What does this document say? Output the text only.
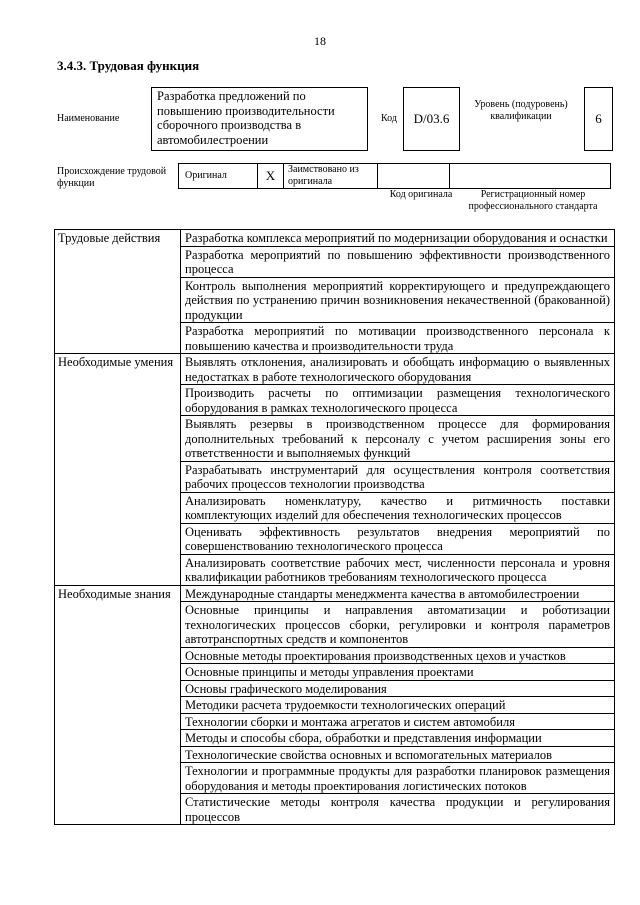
18
3.4.3. Трудовая функция
Наименование
Разработка предложений по повышению производительности сборочного производства в автомобилестроении
Код	D/03.6
Уровень (подуровень) квалификации	6
Происхождение трудовой функции
Оригинал	X	Заимствовано из оригинала
Код оригинала	Регистрационный номер профессионального стандарта
Трудовые действия	Разработка комплекса мероприятий по модернизации оборудования и оснастки
	Разработка мероприятий по повышению эффективности производственного процесса
	Контроль выполнения мероприятий корректирующего и предупреждающего действия по устранению причин возникновения некачественной (бракованной) продукции
	Разработка мероприятий по мотивации производственного персонала к повышению качества и производительности труда
Необходимые умения	Выявлять отклонения, анализировать и обобщать информацию о выявленных недостатках в работе технологического оборудования
	Производить расчеты по оптимизации размещения технологического оборудования в рамках технологического процесса
	Выявлять резервы в производственном процессе для формирования дополнительных требований к персоналу с учетом расширения зоны его ответственности и выполняемых функций
	Разрабатывать инструментарий для осуществления контроля соответствия рабочих процессов технологии производства
	Анализировать номенклатуру, качество и ритмичность поставки комплектующих изделий для обеспечения технологических процессов
	Оценивать эффективность результатов внедрения мероприятий по совершенствованию технологического процесса
	Анализировать соответствие рабочих мест, численности персонала и уровня квалификации работников требованиям технологического процесса
Необходимые знания	Международные стандарты менеджмента качества в автомобилестроении
	Основные принципы и направления автоматизации и роботизации технологических процессов сборки, регулировки и контроля параметров автотранспортных средств и компонентов
	Основные методы проектирования производственных цехов и участков
	Основные принципы и методы управления проектами
	Основы графического моделирования
	Методики расчета трудоемкости технологических операций
	Технологии сборки и монтажа агрегатов и систем автомобиля
	Методы и способы сбора, обработки и представления информации
	Технологические свойства основных и вспомогательных материалов
	Технологии и программные продукты для разработки планировок размещения оборудования и методы проектирования логистических потоков
	Статистические методы контроля качества продукции и регулирования процессов
